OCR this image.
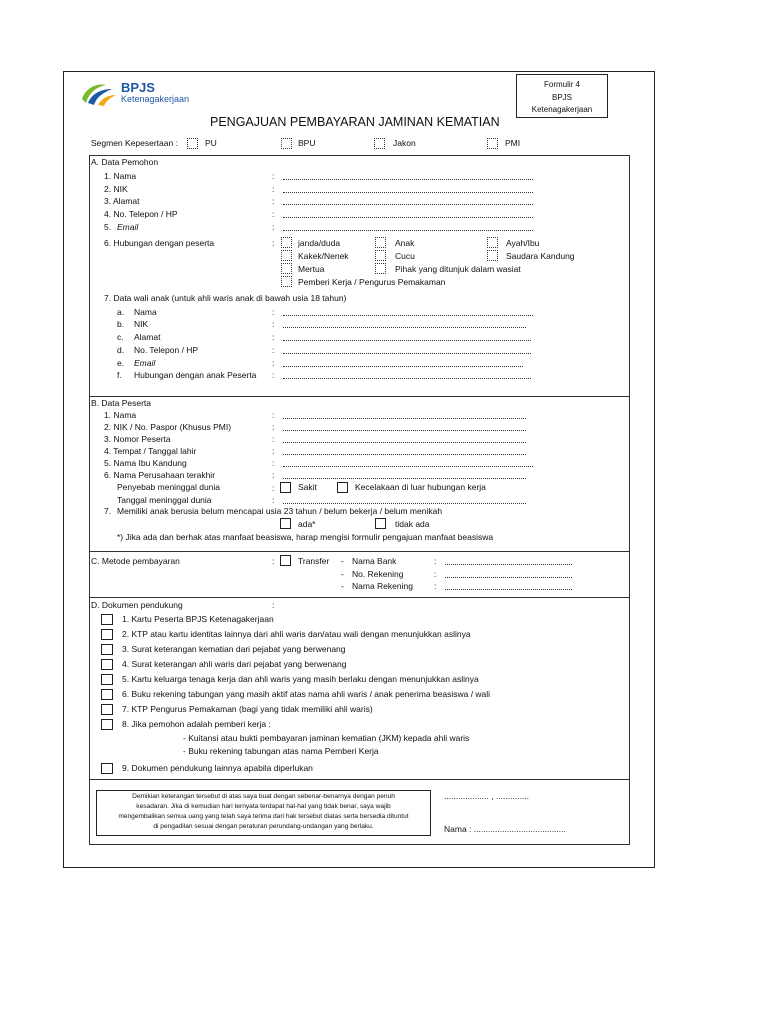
BPJS
Ketenagakerjaan
Formulir 4
BPJS
Ketenagakerjaan
PENGAJUAN PEMBAYARAN JAMINAN KEMATIAN
Segmen Kepesertaan :	PU	BPU	Jakon	PMI
A. Data Pemohon
1. Nama	:
2. NIK	:
3. Alamat	:
4. No. Telepon / HP	:
5. Email	:
6. Hubungan dengan peserta	:	janda/duda	Anak	Ayah/Ibu
Kakek/Nenek	Cucu	Saudara Kandung
Mertua	Pihak yang ditunjuk dalam wasiat
Pemberi Kerja / Pengurus Pemakaman
7. Data wali anak (untuk ahli waris anak di bawah usia 18 tahun)
a. Nama	:
b. NIK	:
c. Alamat	:
d. No. Telepon / HP	:
e. Email	:
f. Hubungan dengan anak Peserta :
B. Data Peserta
1. Nama	:
2. NIK / No. Paspor (Khusus PMI)	:
3. Nomor Peserta	:
4. Tempat / Tanggal lahir	:
5. Nama Ibu Kandung	:
6. Nama Perusahaan terakhir	:
Penyebab meninggal dunia	:	Sakit	Kecelakaan di luar hubungan kerja
Tanggal meninggal dunia	:
7. Memiliki anak berusia belum mencapai usia 23 tahun / belum bekerja / belum menikah
ada*	tidak ada
*) Jika ada dan berhak atas manfaat beasiswa, harap mengisi formulir pengajuan manfaat beasiswa
C. Metode pembayaran	:	Transfer - Nama Bank	:
- No. Rekening	:
- Nama Rekening :
D. Dokumen pendukung	:
1. Kartu Peserta BPJS Ketenagakerjaan
2. KTP atau kartu identitas lainnya dari ahli waris dan/atau wali dengan menunjukkan aslinya
3. Surat keterangan kematian dari pejabat yang berwenang
4. Surat keterangan ahli waris dari pejabat yang berwenang
5. Kartu keluarga tenaga kerja dan ahli waris yang masih berlaku dengan menunjukkan aslinya
6. Buku rekening tabungan yang masih aktif atas nama ahli waris / anak penerima beasiswa / wali
7. KTP Pengurus Pemakaman (bagi yang tidak memiliki ahli waris)
8. Jika pemohon adalah pemberi kerja :
- Kuitansi atau bukti pembayaran jaminan kematian (JKM) kepada ahli waris
- Buku rekening tabungan atas nama Pemberi Kerja
9. Dokumen pendukung lainnya apabila diperlukan
Demikian keterangan tersebut di atas saya buat dengan sebenar-benarnya dengan penuh
kesadaran. Jika di kemudian hari ternyata terdapat hal-hal yang tidak benar, saya wajib
mengembalikan semua uang yang telah saya terima dari hak tersebut diatas serta bersedia dituntut
di pengadilan sesuai dengan peraturan perundang-undangan yang berlaku.
................... , ..............
Nama : .......................................
